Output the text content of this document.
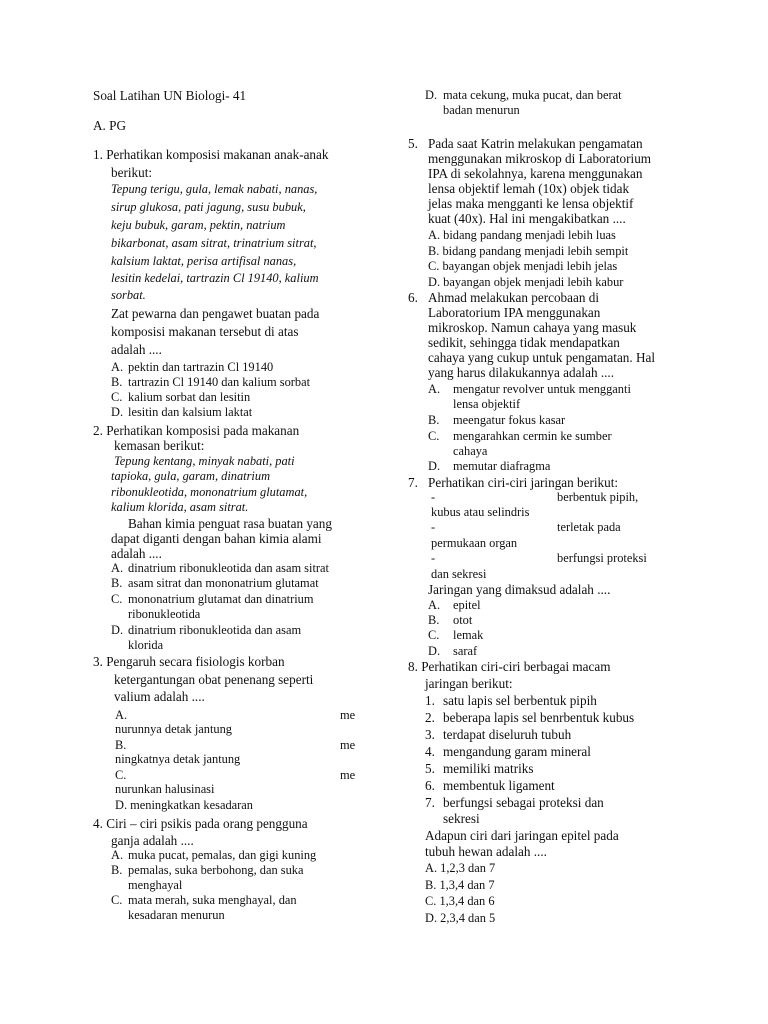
Soal Latihan UN Biologi- 41
A. PG
1. Perhatikan komposisi makanan anak-anak
berikut:
Tepung terigu, gula, lemak nabati, nanas,
sirup glukosa, pati jagung, susu bubuk,
keju bubuk, garam, pektin, natrium
bikarbonat, asam sitrat, trinatrium sitrat,
kalsium laktat, perisa artifisal nanas,
lesitin kedelai, tartrazin Cl 19140, kalium
sorbat.
Zat pewarna dan pengawet buatan pada
komposisi makanan tersebut di atas
adalah ....
A. pektin dan tartrazin Cl 19140
B. tartrazin Cl 19140 dan kalium sorbat
C. kalium sorbat dan lesitin
D. lesitin dan kalsium laktat
2. Perhatikan komposisi pada makanan
kemasan berikut:
Tepung kentang, minyak nabati, pati
tapioka, gula, garam, dinatrium
ribonukleotida, mononatrium glutamat,
kalium klorida, asam sitrat.
Bahan kimia penguat rasa buatan yang
dapat diganti dengan bahan kimia alami
adalah ....
A. dinatrium ribonukleotida dan asam sitrat
B. asam sitrat dan mononatrium glutamat
C. mononatrium glutamat dan dinatrium
ribonukleotida
D. dinatrium ribonukleotida dan asam
klorida
3. Pengaruh secara fisiologis korban
ketergantungan obat penenang seperti
valium adalah ....
A.	me
nurunnya detak jantung
B.	me
ningkatnya detak jantung
C.	me
nurunkan halusinasi
D. meningkatkan kesadaran
4. Ciri – ciri psikis pada orang pengguna
ganja adalah ....
A. muka pucat, pemalas, dan gigi kuning
B. pemalas, suka berbohong, dan suka
menghayal
C. mata merah, suka menghayal, dan
kesadaran menurun
D. mata cekung, muka pucat, dan berat
badan menurun
5. Pada saat Katrin melakukan pengamatan
menggunakan mikroskop di Laboratorium
IPA di sekolahnya, karena menggunakan
lensa objektif lemah (10x) objek tidak
jelas maka mengganti ke lensa objektif
kuat (40x). Hal ini mengakibatkan ....
A. bidang pandang menjadi lebih luas
B. bidang pandang menjadi lebih sempit
C. bayangan objek menjadi lebih jelas
D. bayangan objek menjadi lebih kabur
6. Ahmad melakukan percobaan di
Laboratorium IPA menggunakan
mikroskop. Namun cahaya yang masuk
sedikit, sehingga tidak mendapatkan
cahaya yang cukup untuk pengamatan. Hal
yang harus dilakukannya adalah ....
A. mengatur revolver untuk mengganti
lensa objektif
B. meengatur fokus kasar
C. mengarahkan cermin ke sumber
cahaya
D. memutar diafragma
7. Perhatikan ciri-ciri jaringan berikut:
-	berbentuk pipih,
kubus atau selindris
-	terletak pada
permukaan organ
-	berfungsi proteksi
dan sekresi
Jaringan yang dimaksud adalah ....
A. epitel
B. otot
C. lemak
D. saraf
8. Perhatikan ciri-ciri berbagai macam
jaringan berikut:
1. satu lapis sel berbentuk pipih
2. beberapa lapis sel benrbentuk kubus
3. terdapat diseluruh tubuh
4. mengandung garam mineral
5. memiliki matriks
6. membentuk ligament
7. berfungsi sebagai proteksi dan
sekresi
Adapun ciri dari jaringan epitel pada
tubuh hewan adalah ....
A. 1,2,3 dan 7
B. 1,3,4 dan 7
C. 1,3,4 dan 6
D. 2,3,4 dan 5
